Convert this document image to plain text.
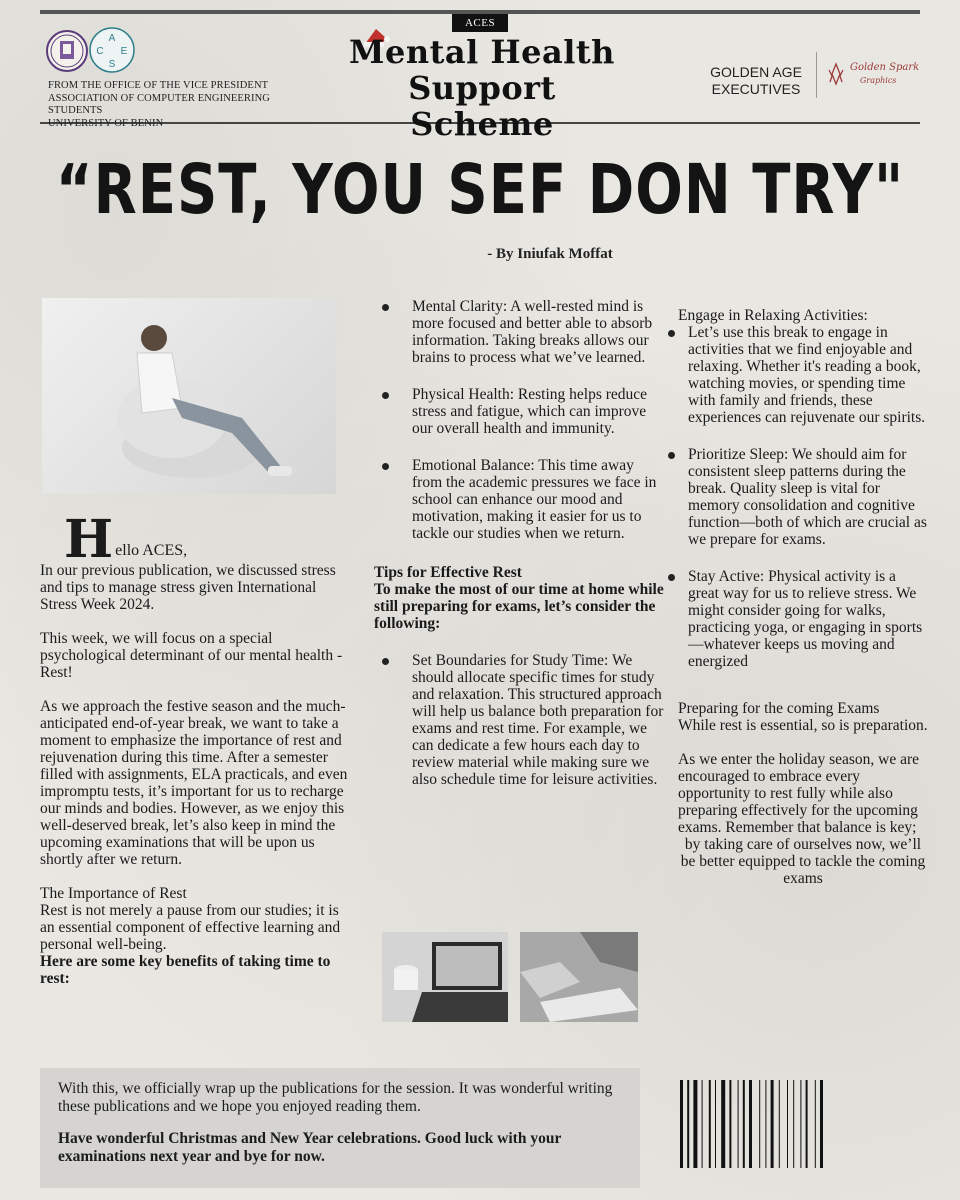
A
C E
S
FROM THE OFFICE OF THE VICE PRESIDENT
ASSOCIATION OF COMPUTER ENGINEERING STUDENTS
UNIVERSITY OF BENIN
ACES
Mental Health
Support Scheme
GOLDEN AGE
EXECUTIVES
Golden Spark
Graphics
“REST, YOU SEF DON TRY"
- By Iniufak Moffat

H ello ACES,

In our previous publication, we discussed stress and tips to manage stress given International Stress Week 2024.

This week, we will focus on a special psychological determinant of our mental health - Rest!

As we approach the festive season and the much-anticipated end-of-year break, we want to take a moment to emphasize the importance of rest and rejuvenation during this time. After a semester filled with assignments, ELA practicals, and even impromptu tests, it’s important for us to recharge our minds and bodies. However, as we enjoy this well-deserved break, let’s also keep in mind the upcoming examinations that will be upon us shortly after we return.

The Importance of Rest
Rest is not merely a pause from our studies; it is an essential component of effective learning and personal well-being.
Here are some key benefits of taking time to rest:
Mental Clarity: A well-rested mind is more focused and better able to absorb information. Taking breaks allows our brains to process what we’ve learned.
Physical Health: Resting helps reduce stress and fatigue, which can improve our overall health and immunity.
Emotional Balance: This time away from the academic pressures we face in school can enhance our mood and motivation, making it easier for us to tackle our studies when we return.
Tips for Effective Rest
To make the most of our time at home while still preparing for exams, let’s consider the following:
Set Boundaries for Study Time: We should allocate specific times for study and relaxation. This structured approach will help us balance both preparation for exams and rest time. For example, we can dedicate a few hours each day to review material while making sure we also schedule time for leisure activities.
Engage in Relaxing Activities:
Let’s use this break to engage in activities that we find enjoyable and relaxing. Whether it's reading a book, watching movies, or spending time with family and friends, these experiences can rejuvenate our spirits.
Prioritize Sleep: We should aim for consistent sleep patterns during the break. Quality sleep is vital for memory consolidation and cognitive function—both of which are crucial as we prepare for exams.
Stay Active: Physical activity is a great way for us to relieve stress. We might consider going for walks, practicing yoga, or engaging in sports—whatever keeps us moving and energized
Preparing for the coming Exams

While rest is essential, so is preparation.

As we enter the holiday season, we are encouraged to embrace every opportunity to rest fully while also preparing effectively for the upcoming exams. Remember that balance is key;
by taking care of ourselves now, we’ll be better equipped to tackle the coming exams

With this, we officially wrap up the publications for the session. It was wonderful writing these publications and we hope you enjoyed reading them.

Have wonderful Christmas and New Year celebrations. Good luck with your examinations next year and bye for now.
